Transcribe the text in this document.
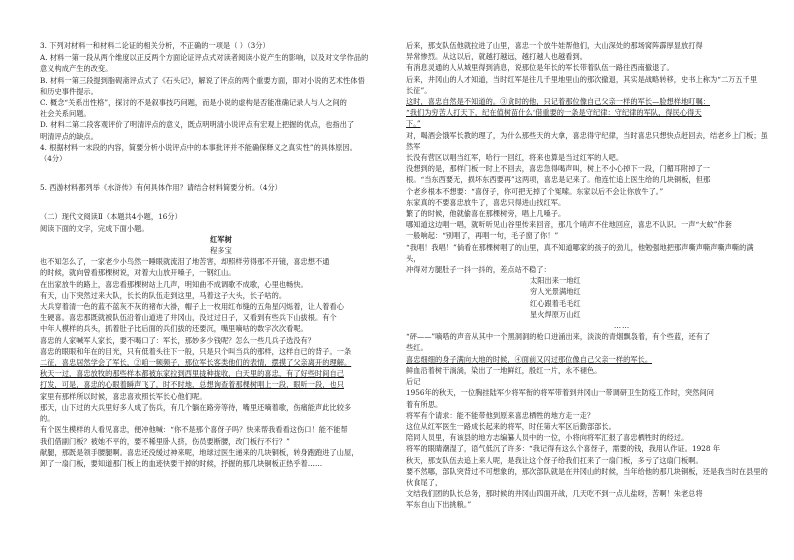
3. 下列对材料一和材料二论证的相关分析，不正确的一项是（ ）（3分）

A. 材料一第一段从两个维度以正反两个方面论证评点式对读者阅读小说产生的影响，以及对文学作品的

意义构成产生的改变。

B. 材料一第三段提到脂砚斋评点式了《石头记》，解说了评点的两个重要方面，即对小说的艺术性体悟

和历史事件提示。

C. 概念“关系出性格”，探讨的不是叙事技巧问题，而是小说的虚构是否能准确记录人与人之间的

社会关系问题。

D. 材料二第二段客观评价了明清评点的意义，既点明明清小说评点有宏观上把握的优点，也指出了

明清评点的缺点。

4. 根据材料一末段的内容，简要分析小说评点中的本事批评并不能确保释义之真实性”的具体原因。

（4分）

5. 西游材料都列举《水浒传》有何具体作用？请结合材料简要分析。（4分）

（二）现代文阅读Ⅱ（本题共4小题，16分）

阅读下面的文字，完成下面小题。

红军树

程多宝

也不知怎么了，一家老少小鸟然一睡眼就流泪了地苦害，却照样劳得那不开镜，喜忠想不通

的时候，就向曾看那棵树说，对着大山放开嗓子，一钢红山。

在出家放牛的路上，喜忠看那棵树站上几声，明知曲不成调歌不成歌，心里也畅快。

有天，山下突然过来大队，长长的队伍走到这里，马着这子大头，长子咕的。

大兵穿着清一色的蓝不蓝灰不灰的褚布大褂，帽子上一枚用红布缝的五角星闪烁着，让人着看心

生硬喜。喜忠那既就被队伍沿着山道进了井冈山，没过过日子，又看到有些兵下山拔根。有个

中年人模样的兵头，抓着肚子比后面的兵们拔的还要沉，嘴里嘀咕的数字次次看呢。

喜忠的人家喊军人家长，要不喝口了：军长，那妙多少钱呢？怎么一些几兵子选没有？

喜忠的眼眼和年在的目光，只有低着头往下一般，只是只个叫当兵的那样，这样自已的背子。一条

二征，喜忠居然学会了军长，②咱一频频子，那位军长客类他们的表情，摆摸了父亲离开的理解。

秋天一过，喜忠放牧的那些样本都被东家拉到西里拢种拢收，白天里的喜忠，有了好些时间自己

打发，可是，喜忠的心眼着瞬声飞了，时不时地，总想询查着那棵树唱上一段，眼听一段，也只

家里有那样所以时候，喜忠喜欢照长军长心他们呢。

那天，山下过的大兵里好多人成了伤兵，有几个躺在路旁等待，嘴里还嘀着歌，伤痛能声此比较多

的。

有个医生模样的人看见喜忠，便冲他喊：“你不是那个喜伢子吗？快来帮我看看这伤口！能不能帮

我们借副门板？被她不平的，要不稀里卧人挤，伤员要断腰，改门板行不行？”

献腿，那既是领手腰腿啊。喜忠还没缓过神来呢，地球过医生递来的几块铜板，转身跑跑进了山屋，

卸了一扇门板，要知道那门板上的血迹快要干掉的时候，抒握的那几块铜板正热乎着……

后来，那支队伍他就拉进了山里，喜忠一个放牛娃帮他们，大山深处的那场窝阵霹厚显放打得

异常惨烈。从这以后，就越打越远，越打越人也越看到。

有消息灵通的人从城里得到消息，说那位是年长的军长带着队伍一路往西南撤退了。

后来，井冈山的人才知道，当时红军是往几千里地里山的那次撤退，其实是战略转移，史书上称为“二万五千里

长征”。

这时，喜忠自然是不知道的。③贪时的他，只记着那位像自己父亲一样的军长—脸想样地叮嘱：

“我们为穷苦人打天下，纪在值树苗什么‘借重要的一条是守纪律：守纪律的军队，得民心得天

下。”

对，喝酒会饿军长教的理了，为什么那些天的大拿，喜忠得守纪律，当时喜忠只想快点赶回去，结老乡上门板；虽然军

长没有营区以唱当红军，哈行一回红，将来也算是当过红军的人吧。

没想到的是，那样门板一时上不回去，喜忠急得喝声叫，树上不小心掉下一段，门楣耳附掉了一

根。“当东西要无，损坏东西要再”这两项，喜忠是记来了。他连忙追上医生给的几块铜板，但那

个老乡根本不想要：“喜伢子，你可把无掉了个冤嗦。东家以后不会让你放牛了。”

东家真的不要喜忠放牛了，喜忠只得进山找红军。

繁了的时候，他就偷喜在那棵树旁，唱上几嗓子。

哪知道这边唱一唱，就听听见山谷里传来回音，那几个哨声不住地回应，喜忠不认识。一声“大蚊”作套

一般响起：“别唱了，再唱一句，毛子窗了你！”

“我唱！我唱！”倘看在那棵树唱了的山里，真不知道哪家的孩子的劲儿，他勉强地把那声嘶声嘶声嘶声嘶的满头，

冲得对方腿肚子一抖一抖的，差点站不稳了：

太阳出来一地红

穷人光景满地红

红心跟着毛毛红

星火焊原万山红

……

“砰——”嘀嗒的声音从其中一个黑洞洞的枪口迸涌出来，淡淡的青烟飘袅着，有个些蓝，还有了

些红。

喜忠细细的身子满向大地的时候，④面前又闪过那位像自己父亲一样的军长。

鲜血沿着树干淌淌，染出了一地鲜红，殷红一片，永不褪色。

后记

1956年的秋天，一位胸挂陆军少将军衔的将军带着到井冈山一带调研卫生防疫工作时，突然间问

着有所思。

将军有个请求：能不能带他到原来喜忠栖牲的地方走一走？

这位从红军医生一路成长起来的将军，时任第大军区后勤部部长。

陪同人员里，有该县的地方志编纂人员中的一位，小将向将军汇报了喜忠栖牲时的经过。

将军的眼睛潮湿了，语气低沉了许多：“我记得有这么个喜伢子，需要的钱，我用认作证。1928 年

秋天，那支队伍去追上来人呢，是我让这个伢子给我们扛来了一扇门板，多亏了这扇门板啊。

要不然哪，部队突背过不可想象的，那次部队就是在井冈山的时候，当年给他的那几块铜板，还是我当时在县里的伙食尾了，

文结我们团的队长总务，那时候的井冈山四面开战，几天吃不到一点儿盐呀，苦啊！朱老总将

军东自山下出挑粮。”
